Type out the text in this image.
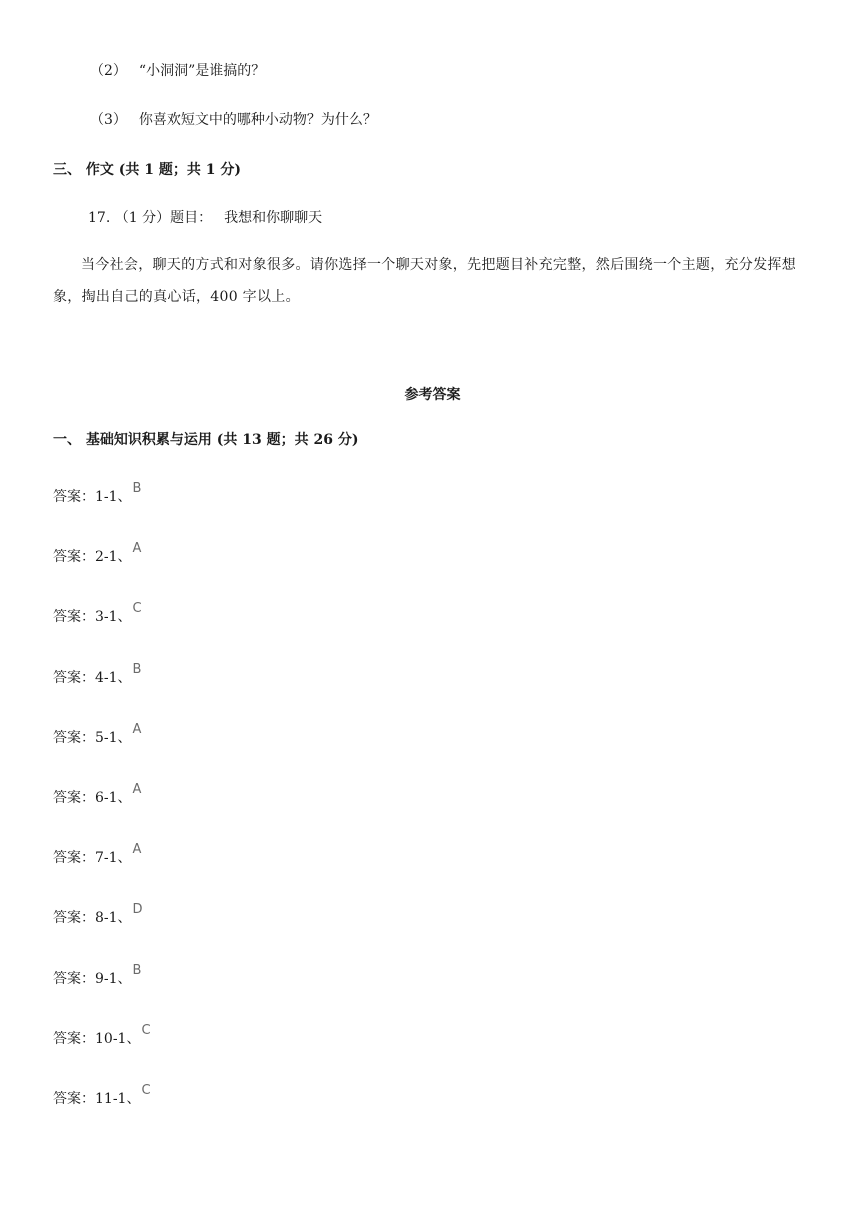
（2） “小洞洞”是谁搞的？
（3） 你喜欢短文中的哪种小动物？为什么？
三、 作文 (共 1 题；共 1 分)
17. （1 分）题目： 我想和你聊聊天
当今社会，聊天的方式和对象很多。请你选择一个聊天对象，先把题目补充完整，然后围绕一个主题，充分发挥想象，掏出自己的真心话，400 字以上。
参考答案
一、 基础知识积累与运用 (共 13 题；共 26 分)
答案：1-1、B
答案：2-1、A
答案：3-1、C
答案：4-1、B
答案：5-1、A
答案：6-1、A
答案：7-1、A
答案：8-1、D
答案：9-1、B
答案：10-1、C
答案：11-1、C
